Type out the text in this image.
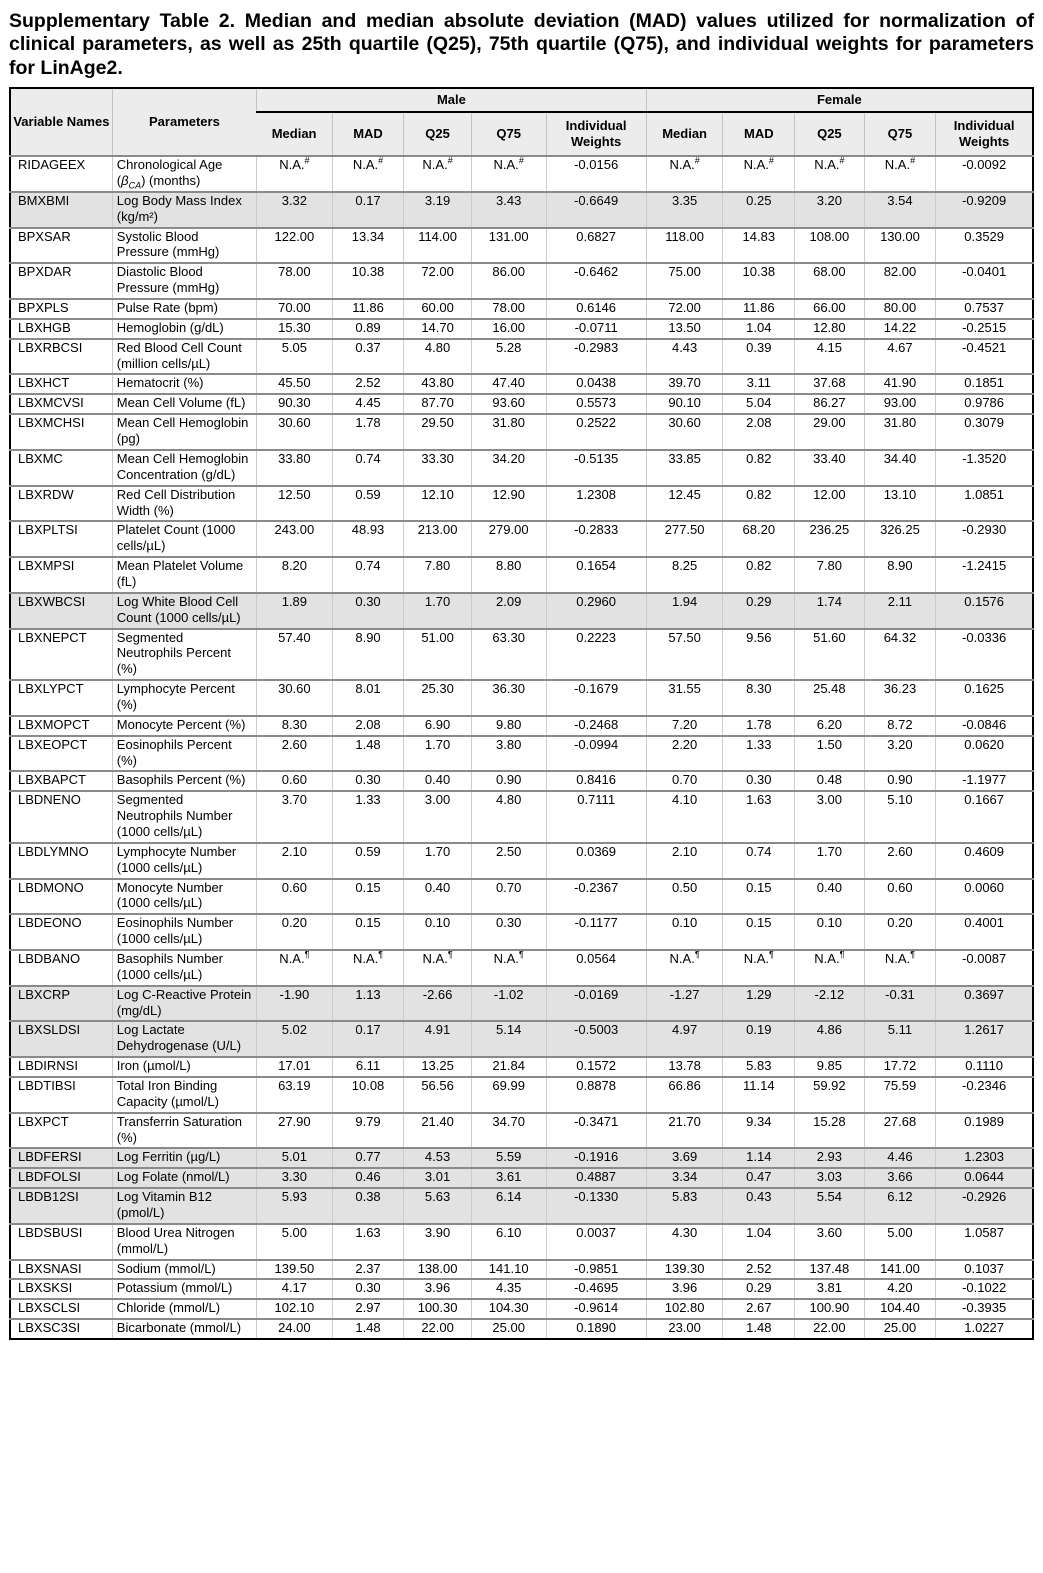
Supplementary Table 2. Median and median absolute deviation (MAD) values utilized for normalization of clinical parameters, as well as 25th quartile (Q25), 75th quartile (Q75), and individual weights for parameters for LinAge2.
Variable Names	Parameters	Male					Female				
		Median	MAD	Q25	Q75	Individual Weights	Median	MAD	Q25	Q75	Individual Weights
RIDAGEEX	Chronological Age $(\beta_{CA})$ (months)	N.A.#	N.A.#	N.A.#	N.A.#	-0.0156	N.A.#	N.A.#	N.A.#	N.A.#	-0.0092
BMXBMI	Log Body Mass Index (kg/m²)	3.32	0.17	3.19	3.43	-0.6649	3.35	0.25	3.20	3.54	-0.9209
BPXSAR	Systolic Blood Pressure (mmHg)	122.00	13.34	114.00	131.00	0.6827	118.00	14.83	108.00	130.00	0.3529
BPXDAR	Diastolic Blood Pressure (mmHg)	78.00	10.38	72.00	86.00	-0.6462	75.00	10.38	68.00	82.00	-0.0401
BPXPLS	Pulse Rate (bpm)	70.00	11.86	60.00	78.00	0.6146	72.00	11.86	66.00	80.00	0.7537
LBXHGB	Hemoglobin (g/dL)	15.30	0.89	14.70	16.00	-0.0711	13.50	1.04	12.80	14.22	-0.2515
LBXRBCSI	Red Blood Cell Count (million cells/µL)	5.05	0.37	4.80	5.28	-0.2983	4.43	0.39	4.15	4.67	-0.4521
LBXHCT	Hematocrit (%)	45.50	2.52	43.80	47.40	0.0438	39.70	3.11	37.68	41.90	0.1851
LBXMCVSI	Mean Cell Volume (fL)	90.30	4.45	87.70	93.60	0.5573	90.10	5.04	86.27	93.00	0.9786
LBXMCHSI	Mean Cell Hemoglobin (pg)	30.60	1.78	29.50	31.80	0.2522	30.60	2.08	29.00	31.80	0.3079
LBXMC	Mean Cell Hemoglobin Concentration (g/dL)	33.80	0.74	33.30	34.20	-0.5135	33.85	0.82	33.40	34.40	-1.3520
LBXRDW	Red Cell Distribution Width (%)	12.50	0.59	12.10	12.90	1.2308	12.45	0.82	12.00	13.10	1.0851
LBXPLTSI	Platelet Count (1000 cells/µL)	243.00	48.93	213.00	279.00	-0.2833	277.50	68.20	236.25	326.25	-0.2930
LBXMPSI	Mean Platelet Volume (fL)	8.20	0.74	7.80	8.80	0.1654	8.25	0.82	7.80	8.90	-1.2415
LBXWBCSI	Log White Blood Cell Count (1000 cells/µL)	1.89	0.30	1.70	2.09	0.2960	1.94	0.29	1.74	2.11	0.1576
LBXNEPCT	Segmented Neutrophils Percent (%)	57.40	8.90	51.00	63.30	0.2223	57.50	9.56	51.60	64.32	-0.0336
LBXLYPCT	Lymphocyte Percent (%)	30.60	8.01	25.30	36.30	-0.1679	31.55	8.30	25.48	36.23	0.1625
LBXMOPCT	Monocyte Percent (%)	8.30	2.08	6.90	9.80	-0.2468	7.20	1.78	6.20	8.72	-0.0846
LBXEOPCT	Eosinophils Percent (%)	2.60	1.48	1.70	3.80	-0.0994	2.20	1.33	1.50	3.20	0.0620
LBXBAPCT	Basophils Percent (%)	0.60	0.30	0.40	0.90	0.8416	0.70	0.30	0.48	0.90	-1.1977
LBDNENO	Segmented Neutrophils Number (1000 cells/µL)	3.70	1.33	3.00	4.80	0.7111	4.10	1.63	3.00	5.10	0.1667
LBDLYMNO	Lymphocyte Number (1000 cells/µL)	2.10	0.59	1.70	2.50	0.0369	2.10	0.74	1.70	2.60	0.4609
LBDMONO	Monocyte Number (1000 cells/µL)	0.60	0.15	0.40	0.70	-0.2367	0.50	0.15	0.40	0.60	0.0060
LBDEONO	Eosinophils Number (1000 cells/µL)	0.20	0.15	0.10	0.30	-0.1177	0.10	0.15	0.10	0.20	0.4001
LBDBANO	Basophils Number (1000 cells/µL)	N.A.¶	N.A.¶	N.A.¶	N.A.¶	0.0564	N.A.¶	N.A.¶	N.A.¶	N.A.¶	-0.0087
LBXCRP	Log C-Reactive Protein (mg/dL)	-1.90	1.13	-2.66	-1.02	-0.0169	-1.27	1.29	-2.12	-0.31	0.3697
LBXSLDSI	Log Lactate Dehydrogenase (U/L)	5.02	0.17	4.91	5.14	-0.5003	4.97	0.19	4.86	5.11	1.2617
LBDIRNSI	Iron (µmol/L)	17.01	6.11	13.25	21.84	0.1572	13.78	5.83	9.85	17.72	0.1110
LBDTIBSI	Total Iron Binding Capacity (µmol/L)	63.19	10.08	56.56	69.99	0.8878	66.86	11.14	59.92	75.59	-0.2346
LBXPCT	Transferrin Saturation (%)	27.90	9.79	21.40	34.70	-0.3471	21.70	9.34	15.28	27.68	0.1989
LBDFERSI	Log Ferritin (µg/L)	5.01	0.77	4.53	5.59	-0.1916	3.69	1.14	2.93	4.46	1.2303
LBDFOLSI	Log Folate (nmol/L)	3.30	0.46	3.01	3.61	0.4887	3.34	0.47	3.03	3.66	0.0644
LBDB12SI	Log Vitamin B12 (pmol/L)	5.93	0.38	5.63	6.14	-0.1330	5.83	0.43	5.54	6.12	-0.2926
LBDSBUSI	Blood Urea Nitrogen (mmol/L)	5.00	1.63	3.90	6.10	0.0037	4.30	1.04	3.60	5.00	1.0587
LBXSNASI	Sodium (mmol/L)	139.50	2.37	138.00	141.10	-0.9851	139.30	2.52	137.48	141.00	0.1037
LBXSKSI	Potassium (mmol/L)	4.17	0.30	3.96	4.35	-0.4695	3.96	0.29	3.81	4.20	-0.1022
LBXSCLSI	Chloride (mmol/L)	102.10	2.97	100.30	104.30	-0.9614	102.80	2.67	100.90	104.40	-0.3935
LBXSC3SI	Bicarbonate (mmol/L)	24.00	1.48	22.00	25.00	0.1890	23.00	1.48	22.00	25.00	1.0227
